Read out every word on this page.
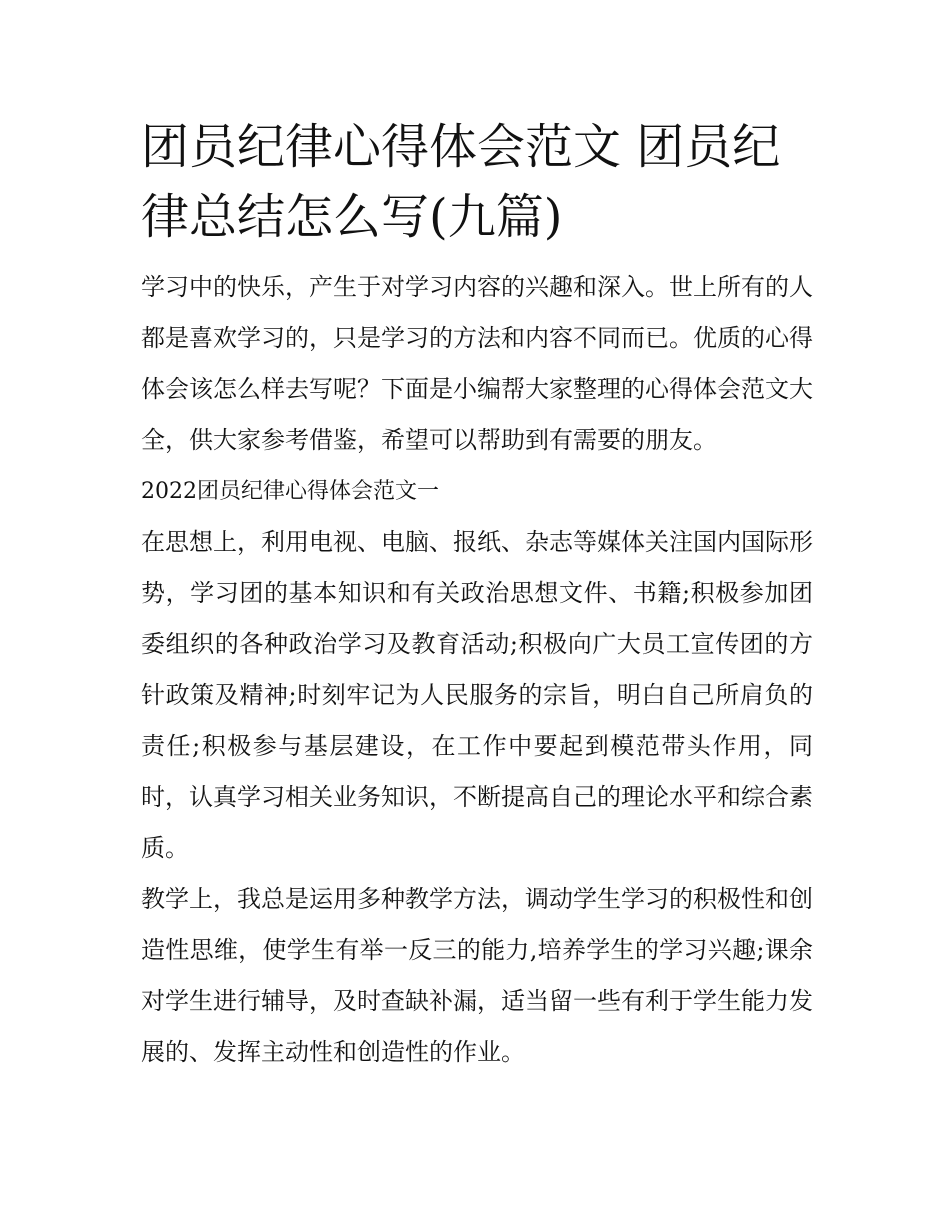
团员纪律心得体会范文 团员纪律总结怎么写(九篇)

学习中的快乐，产生于对学习内容的兴趣和深入。世上所有的人都是喜欢学习的，只是学习的方法和内容不同而已。优质的心得体会该怎么样去写呢？下面是小编帮大家整理的心得体会范文大全，供大家参考借鉴，希望可以帮助到有需要的朋友。

2022团员纪律心得体会范文一

在思想上，利用电视、电脑、报纸、杂志等媒体关注国内国际形势，学习团的基本知识和有关政治思想文件、书籍;积极参加团委组织的各种政治学习及教育活动;积极向广大员工宣传团的方针政策及精神;时刻牢记为人民服务的宗旨，明白自己所肩负的责任;积极参与基层建设，在工作中要起到模范带头作用，同时，认真学习相关业务知识，不断提高自己的理论水平和综合素质。

教学上，我总是运用多种教学方法，调动学生学习的积极性和创造性思维，使学生有举一反三的能力,培养学生的学习兴趣;课余对学生进行辅导，及时查缺补漏，适当留一些有利于学生能力发展的、发挥主动性和创造性的作业。
